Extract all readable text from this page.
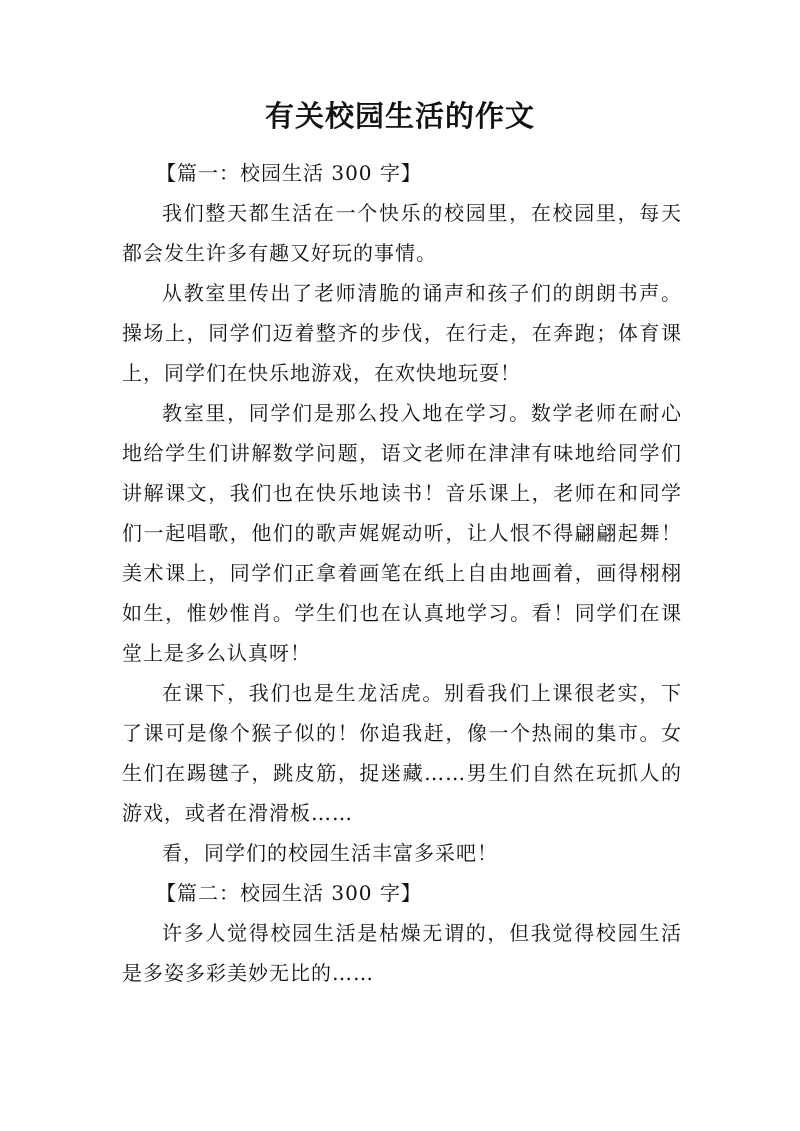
有关校园生活的作文

【篇一：校园生活 300 字】

我们整天都生活在一个快乐的校园里，在校园里，每天都会发生许多有趣又好玩的事情。

从教室里传出了老师清脆的诵声和孩子们的朗朗书声。操场上，同学们迈着整齐的步伐，在行走，在奔跑；体育课上，同学们在快乐地游戏，在欢快地玩耍！

教室里，同学们是那么投入地在学习。数学老师在耐心地给学生们讲解数学问题，语文老师在津津有味地给同学们讲解课文，我们也在快乐地读书！音乐课上，老师在和同学们一起唱歌，他们的歌声娓娓动听，让人恨不得翩翩起舞！美术课上，同学们正拿着画笔在纸上自由地画着，画得栩栩如生，惟妙惟肖。学生们也在认真地学习。看！同学们在课堂上是多么认真呀！

在课下，我们也是生龙活虎。别看我们上课很老实，下了课可是像个猴子似的！你追我赶，像一个热闹的集市。女生们在踢毽子，跳皮筋，捉迷藏……男生们自然在玩抓人的游戏，或者在滑滑板……

看，同学们的校园生活丰富多采吧！

【篇二：校园生活 300 字】

许多人觉得校园生活是枯燥无谓的，但我觉得校园生活是多姿多彩美妙无比的……
